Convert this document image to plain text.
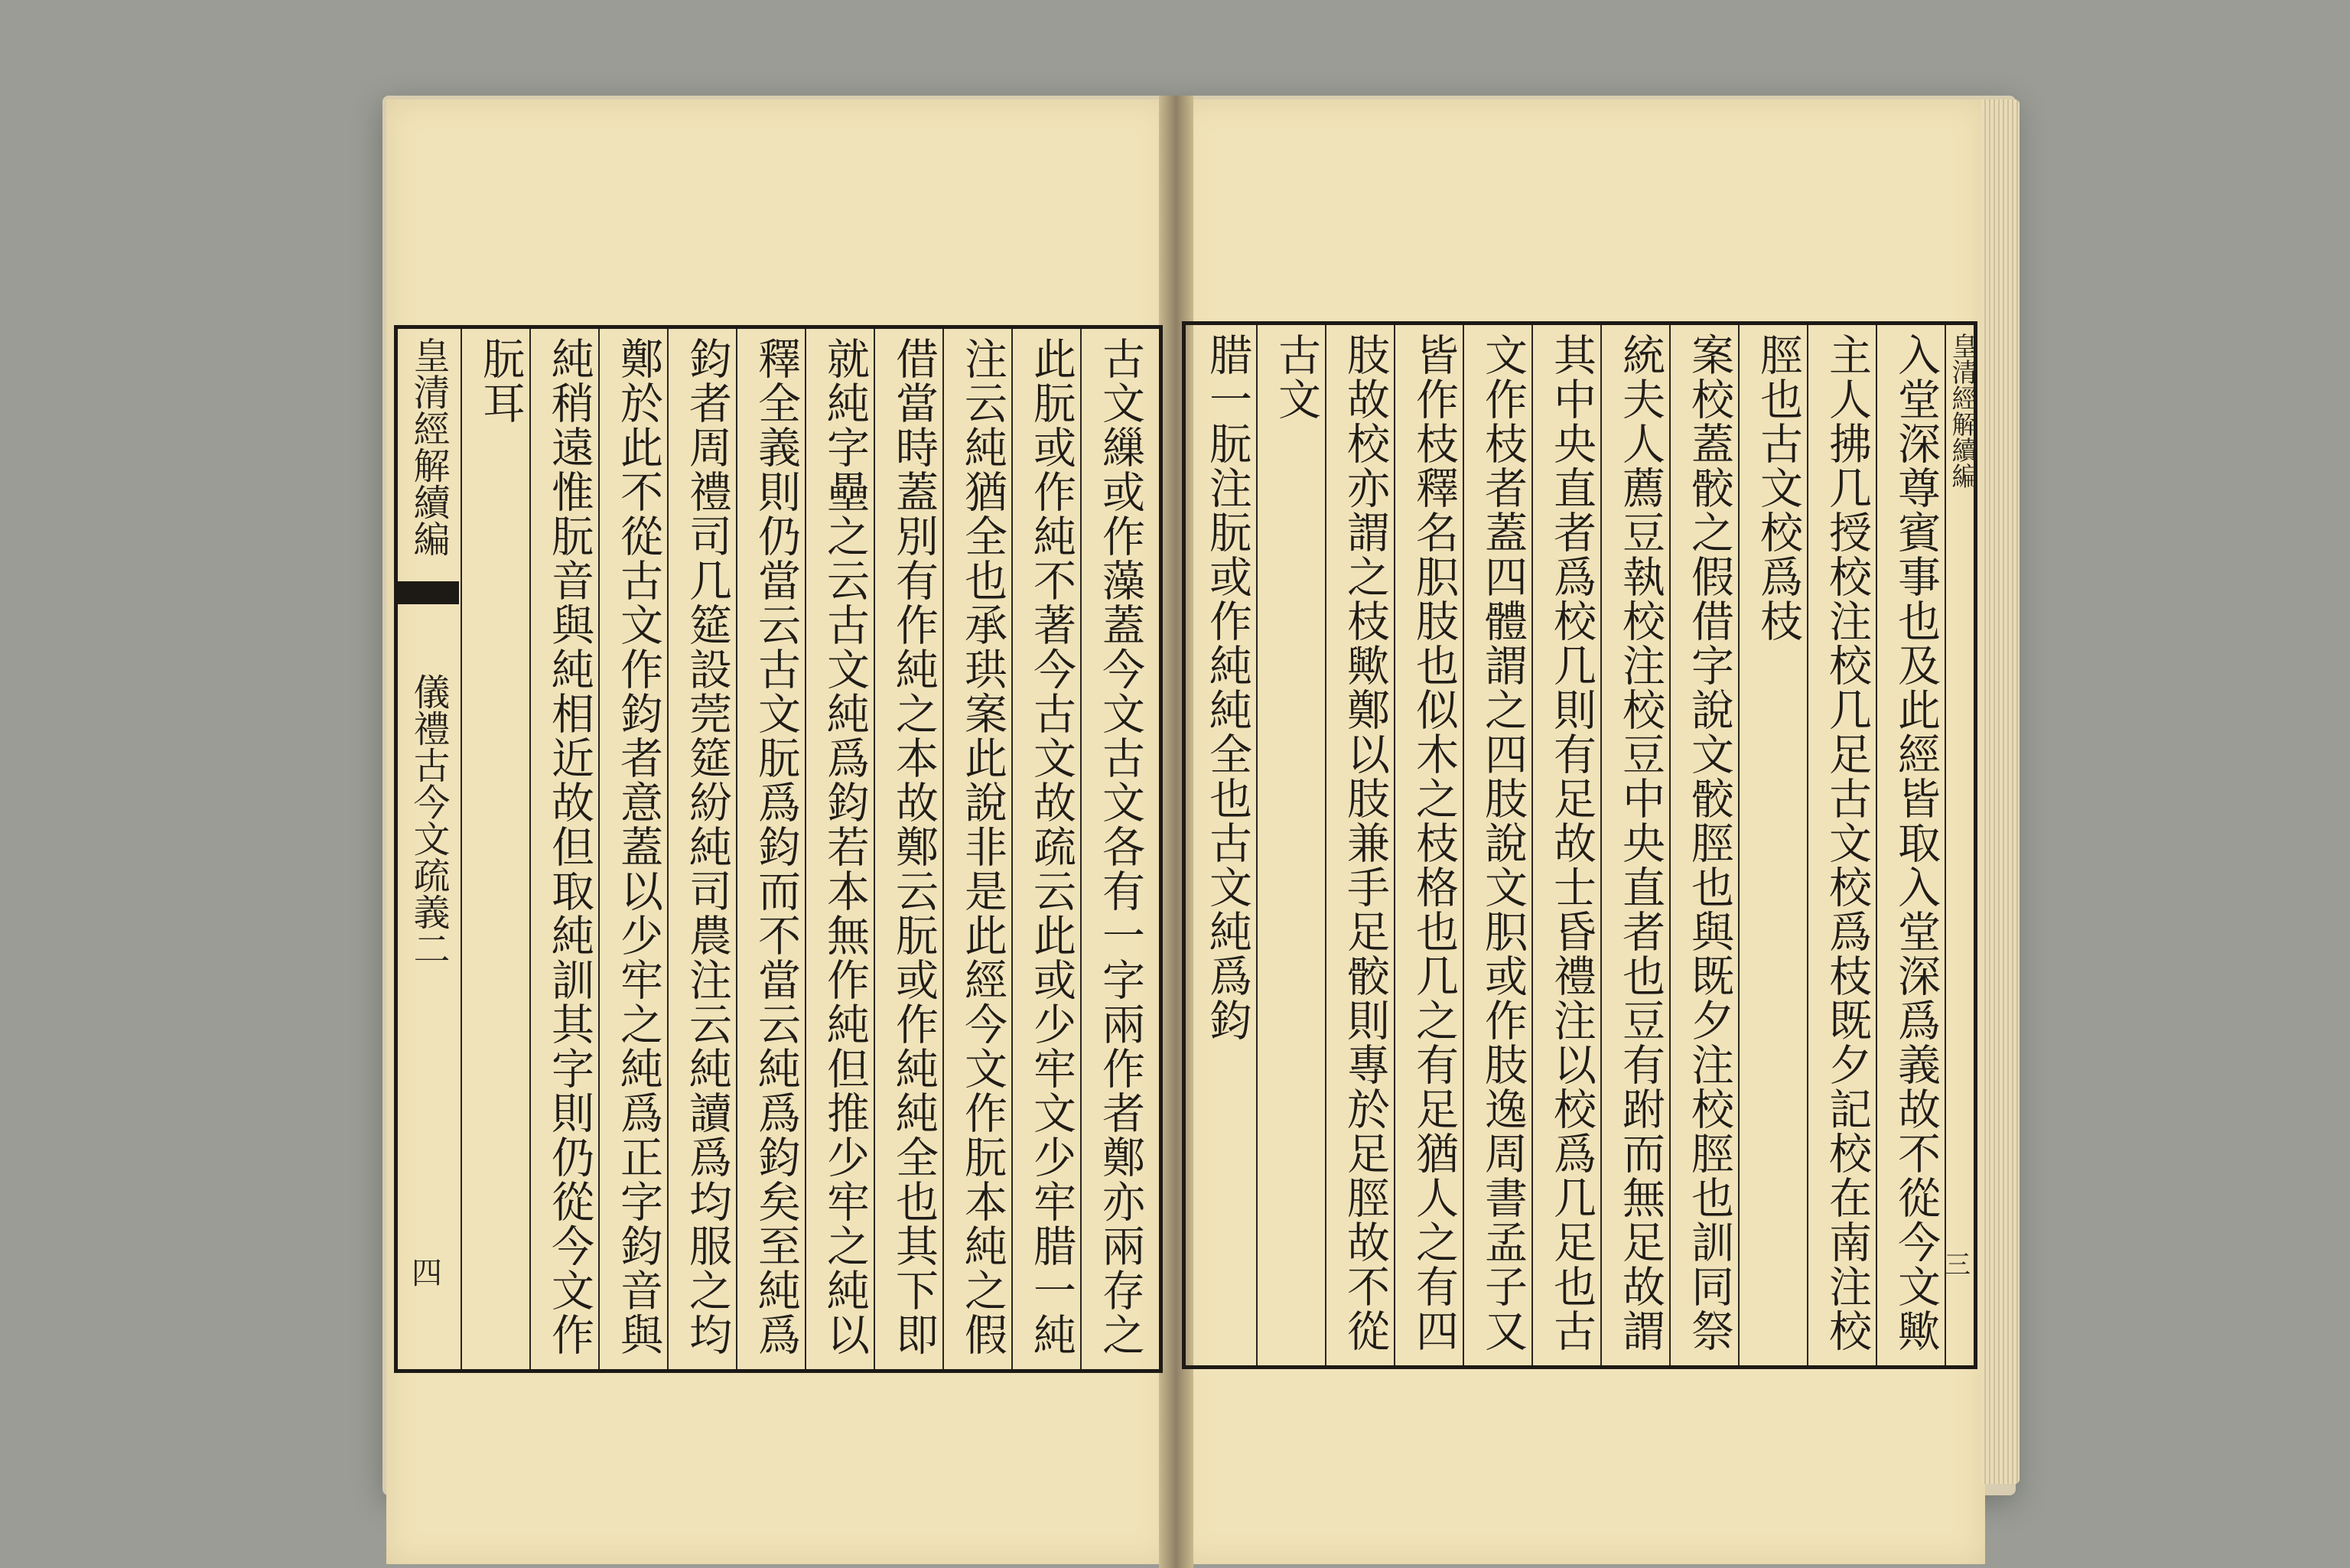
皇清經解續編  儀禮古今文疏義二
四
朊耳 純稍遠惟朊音與純相近故但取純訓其字則仍從今文作 鄭於此不從古文作鈞者意蓋以少牢之純爲正字鈞音與 鈞者周禮司几筵設莞筵紛純司農注云純讀爲均服之均 釋全義則仍當云古文朊爲鈞而不當云純爲鈞矣至純爲 就純字壘之云古文純爲鈞若本無作純但推少牢之純以 借當時蓋別有作純之本故鄭云朊或作純純全也其下即 注云純猶全也承珙案此說非是此經今文作朊本純之假 此朊或作純不著今古文故疏云此或少牢文少牢腊一純 古文繅或作藻蓋今文古文各有一字兩作者鄭亦兩存之 腊一朊注朊或作純純全也古文純爲鈞 古文 肢故校亦謂之枝歟鄭以肢兼手足骹則專於足脛故不從 皆作枝釋名胑肢也似木之枝格也几之有足猶人之有四 文作枝者蓋四體謂之四肢說文胑或作肢逸周書孟子又 其中央直者爲校几則有足故士昏禮注以校爲几足也古 統夫人薦豆執校注校豆中央直者也豆有跗而無足故謂 案校蓋骹之假借字說文骹脛也與既夕注校脛也訓同祭 脛也古文校爲枝 主人拂几授校注校几足古文校爲枝既夕記校在南注校 入堂深尊賓事也及此經皆取入堂深爲義故不從今文歟 皇清經解續編
三
